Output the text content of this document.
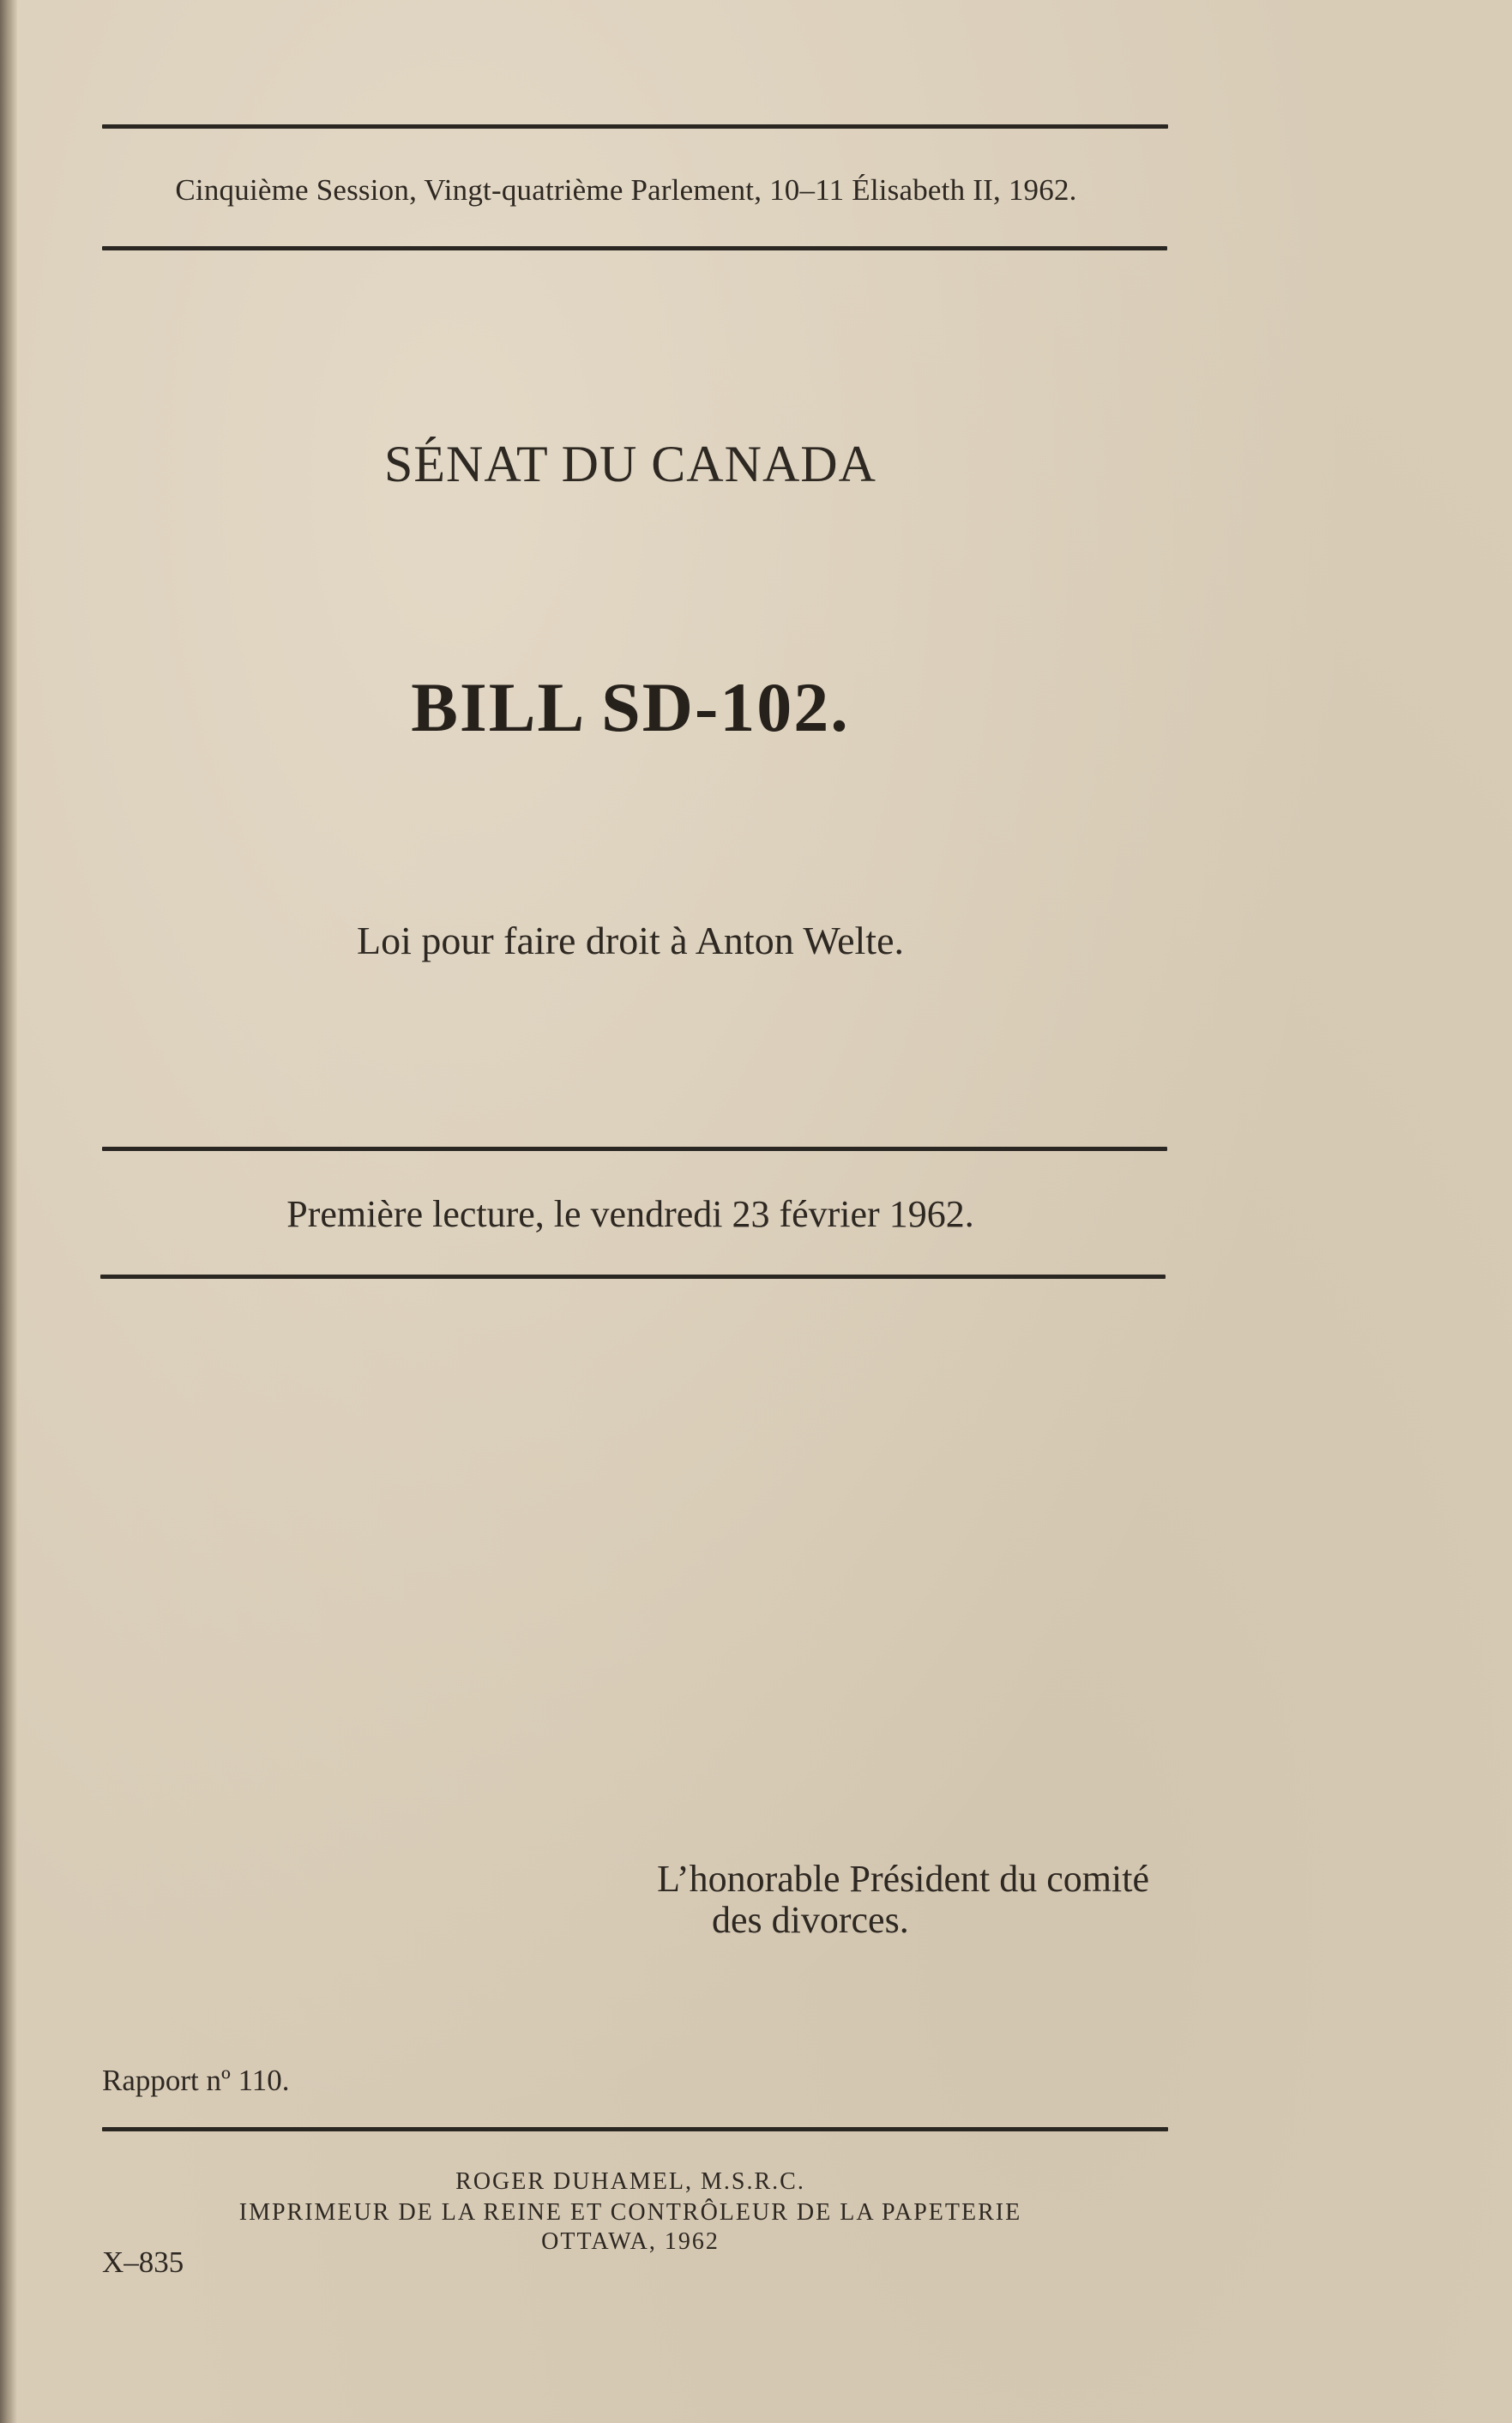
Cinquième Session, Vingt-quatrième Parlement, 10–11 Élisabeth II, 1962.
SÉNAT DU CANADA
BILL SD-102.
Loi pour faire droit à Anton Welte.
Première lecture, le vendredi 23 février 1962.
L’honorable Président du comité
des divorces.
Rapport nº 110.
ROGER DUHAMEL, M.S.R.C.
IMPRIMEUR DE LA REINE ET CONTRÔLEUR DE LA PAPETERIE
OTTAWA, 1962
X–835
